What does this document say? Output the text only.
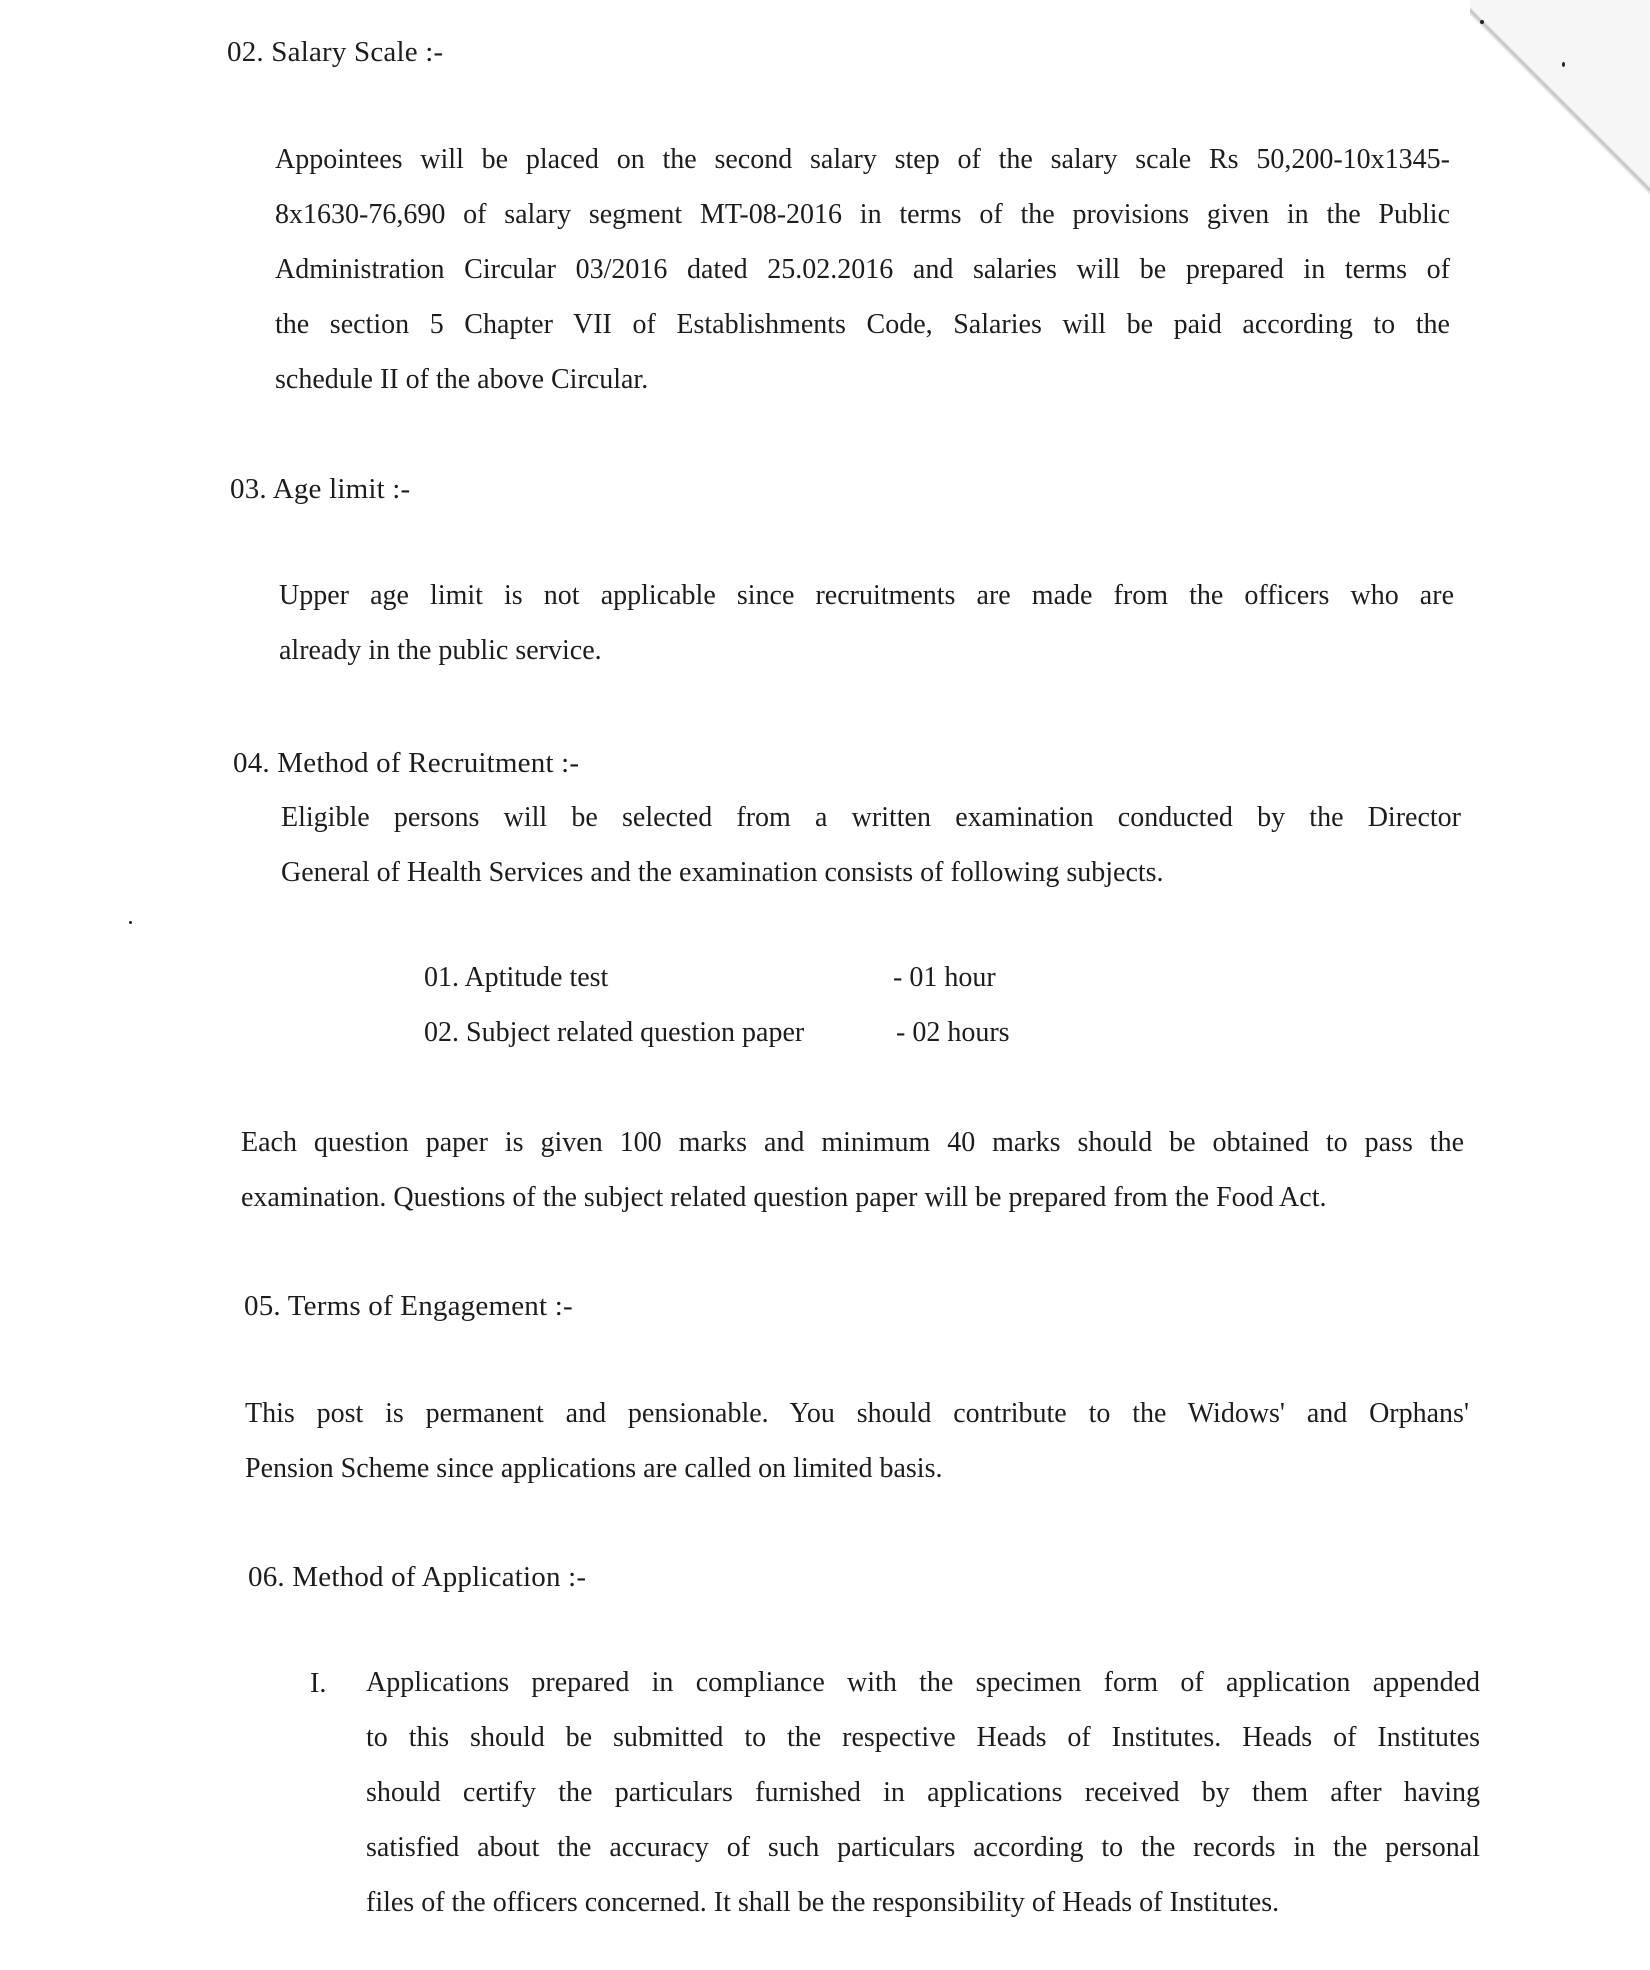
02. Salary Scale :-
Appointees will be placed on the second salary step of the salary scale Rs 50,200-10x1345-
8x1630-76,690 of salary segment MT-08-2016 in terms of the provisions given in the Public
Administration Circular 03/2016 dated 25.02.2016 and salaries will be prepared in terms of
the section 5 Chapter VII of Establishments Code, Salaries will be paid according to the
schedule II of the above Circular.
03. Age limit :-
Upper age limit is not applicable since recruitments are made from the officers who are
already in the public service.
04. Method of Recruitment :-
Eligible persons will be selected from a written examination conducted by the Director
General of Health Services and the examination consists of following subjects.
01. Aptitude test	- 01 hour
02. Subject related question paper	- 02 hours
Each question paper is given 100 marks and minimum 40 marks should be obtained to pass the
examination. Questions of the subject related question paper will be prepared from the Food Act.
05. Terms of Engagement :-
This post is permanent and pensionable. You should contribute to the Widows' and Orphans'
Pension Scheme since applications are called on limited basis.
06. Method of Application :-
I. Applications prepared in compliance with the specimen form of application appended
to this should be submitted to the respective Heads of Institutes. Heads of Institutes
should certify the particulars furnished in applications received by them after having
satisfied about the accuracy of such particulars according to the records in the personal
files of the officers concerned. It shall be the responsibility of Heads of Institutes.
